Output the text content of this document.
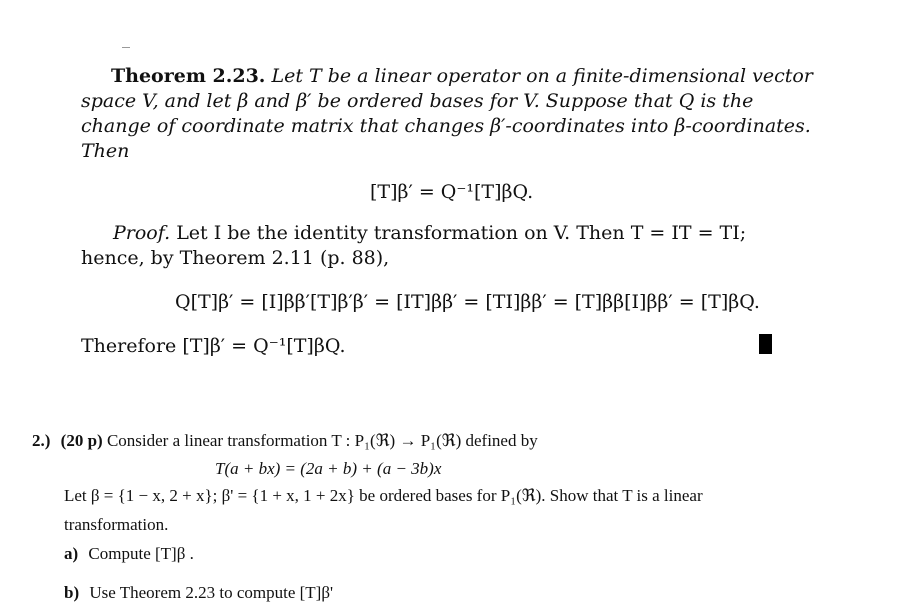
Theorem 2.23. Let T be a linear operator on a finite-dimensional vector
space V, and let β and β′ be ordered bases for V. Suppose that Q is the
change of coordinate matrix that changes β′-coordinates into β-coordinates.
Then
[T]β′ = Q⁻¹[T]βQ.
Proof. Let I be the identity transformation on V. Then T = IT = TI;
hence, by Theorem 2.11 (p. 88),
Q[T]β′ = [I]ββ′[T]β′β′ = [IT]ββ′ = [TI]ββ′ = [T]ββ[I]ββ′ = [T]βQ.
Therefore [T]β′ = Q⁻¹[T]βQ.
2.) (20 p) Consider a linear transformation T : P₁(ℜ) → P₁(ℜ) defined by
T(a + bx) = (2a + b) + (a − 3b)x
Let β = {1 − x, 2 + x}; β' = {1 + x, 1 + 2x} be ordered bases for P₁(ℜ). Show that T is a linear
transformation.
a) Compute [T]β .
b) Use Theorem 2.23 to compute [T]β'
